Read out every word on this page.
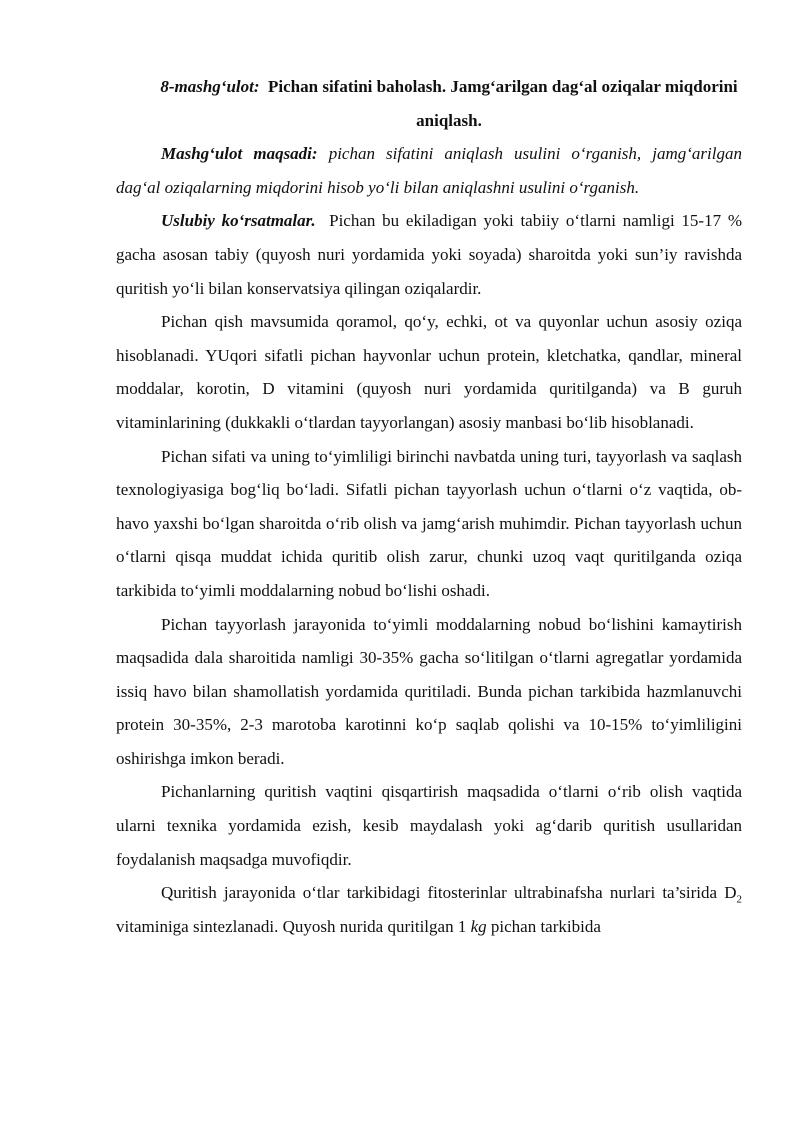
8-mashg‘ulot: Pichan sifatini baholash. Jamg‘arilgan dag‘al oziqalar miqdorini aniqlash.

Mashg‘ulot maqsadi: pichan sifatini aniqlash usulini o‘rganish, jamg‘arilgan dag‘al oziqalarning miqdorini hisob yo‘li bilan aniqlashni usulini o‘rganish.

Uslubiy ko‘rsatmalar. Pichan bu ekiladigan yoki tabiiy o‘tlarni namligi 15-17 % gacha asosan tabiy (quyosh nuri yordamida yoki soyada) sharoitda yoki sun’iy ravishda quritish yo‘li bilan konservatsiya qilingan oziqalardir.

Pichan qish mavsumida qoramol, qo‘y, echki, ot va quyonlar uchun asosiy oziqa hisoblanadi. YUqori sifatli pichan hayvonlar uchun protein, kletchatka, qandlar, mineral moddalar, korotin, D vitamini (quyosh nuri yordamida quritilganda) va B guruh vitaminlarining (dukkakli o‘tlardan tayyorlangan) asosiy manbasi bo‘lib hisoblanadi.

Pichan sifati va uning to‘yimliligi birinchi navbatda uning turi, tayyorlash va saqlash texnologiyasiga bog‘liq bo‘ladi. Sifatli pichan tayyorlash uchun o‘tlarni o‘z vaqtida, ob-havo yaxshi bo‘lgan sharoitda o‘rib olish va jamg‘arish muhimdir. Pichan tayyorlash uchun o‘tlarni qisqa muddat ichida quritib olish zarur, chunki uzoq vaqt quritilganda oziqa tarkibida to‘yimli moddalarning nobud bo‘lishi oshadi.

Pichan tayyorlash jarayonida to‘yimli moddalarning nobud bo‘lishini kamaytirish maqsadida dala sharoitida namligi 30-35% gacha so‘litilgan o‘tlarni agregatlar yordamida issiq havo bilan shamollatish yordamida quritiladi. Bunda pichan tarkibida hazmlanuvchi protein 30-35%, 2-3 marotoba karotinni ko‘p saqlab qolishi va 10-15% to‘yimliligini oshirishga imkon beradi.

Pichanlarning quritish vaqtini qisqartirish maqsadida o‘tlarni o‘rib olish vaqtida ularni texnika yordamida ezish, kesib maydalash yoki ag‘darib quritish usullaridan foydalanish maqsadga muvofiqdir.

Quritish jarayonida o‘tlar tarkibidagi fitosterinlar ultrabinafsha nurlari ta’sirida $D_2$ vitaminiga sintezlanadi. Quyosh nurida quritilgan 1 kg pichan tarkibida
